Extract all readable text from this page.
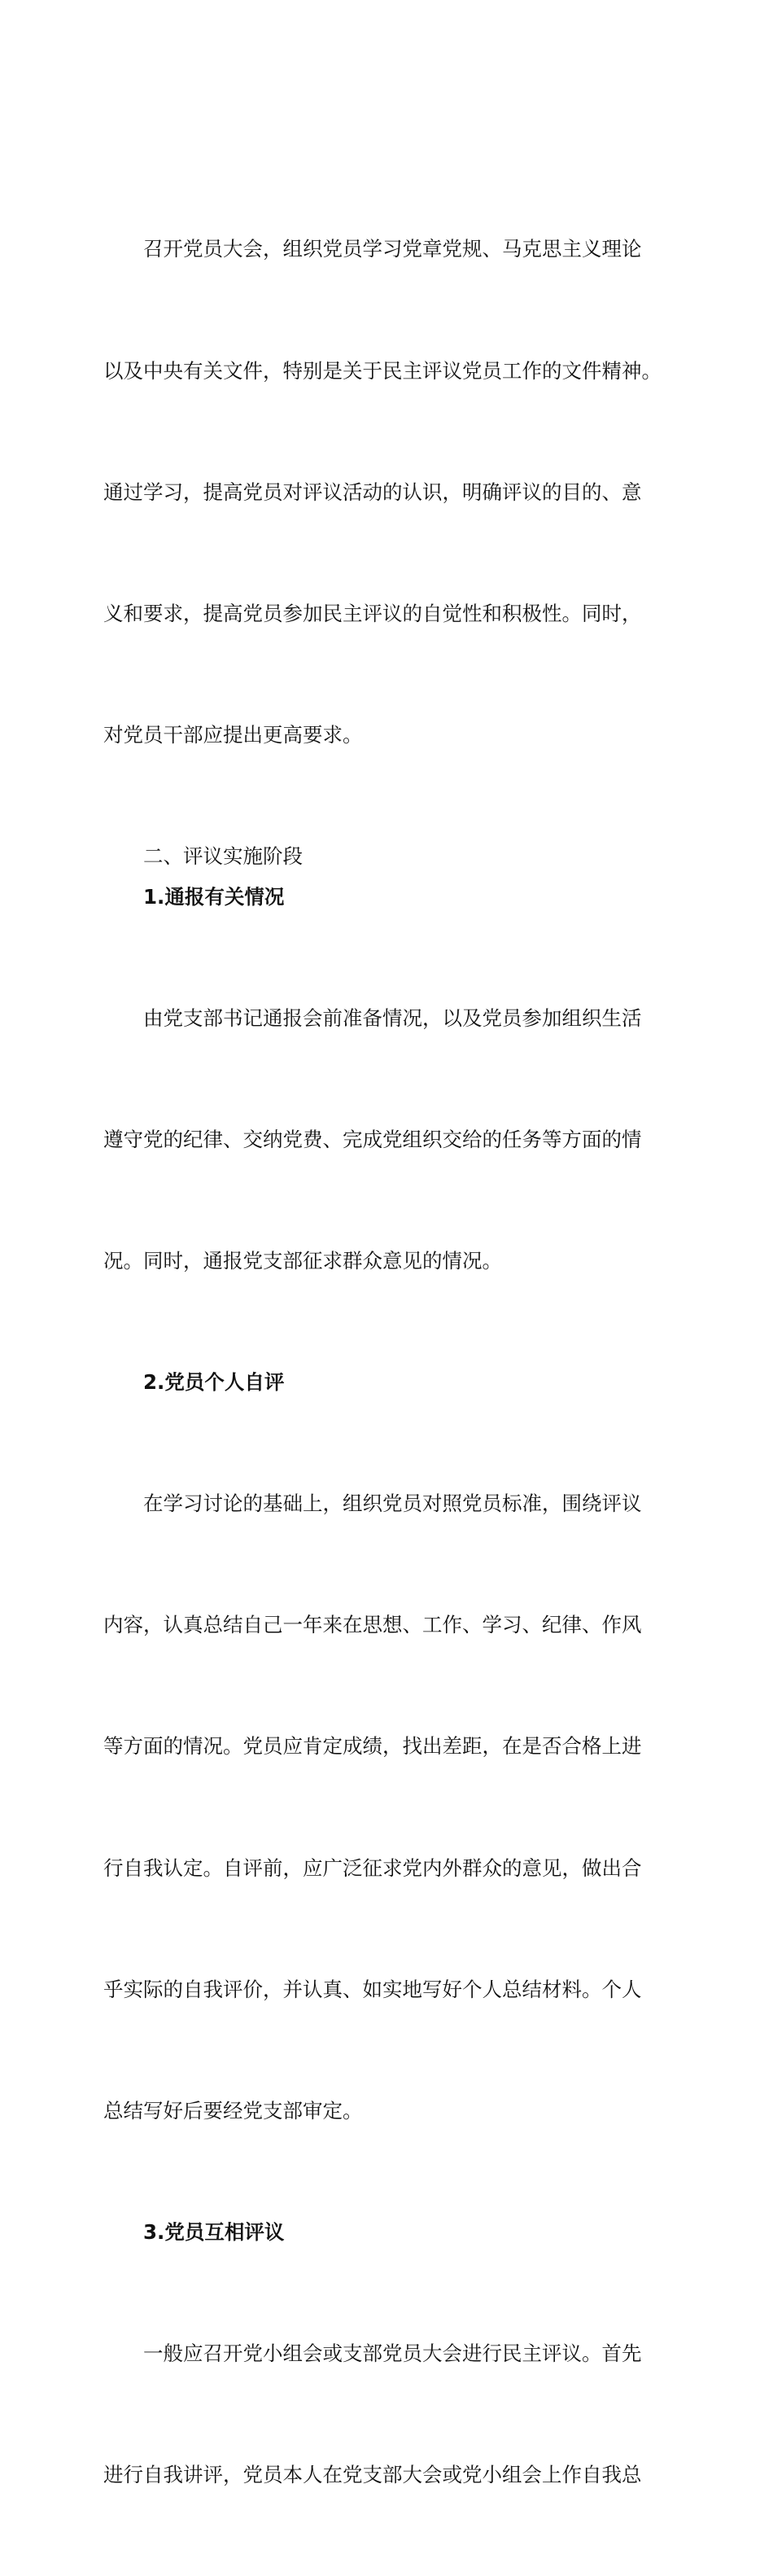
召开党员大会，组织党员学习党章党规、马克思主义理论

以及中央有关文件，特别是关于民主评议党员工作的文件精神。

通过学习，提高党员对评议活动的认识，明确评议的目的、意

义和要求，提高党员参加民主评议的自觉性和积极性。同时，

对党员干部应提出更高要求。

二、评议实施阶段
1.通报有关情况

由党支部书记通报会前准备情况，以及党员参加组织生活

遵守党的纪律、交纳党费、完成党组织交给的任务等方面的情

况。同时，通报党支部征求群众意见的情况。

2.党员个人自评

在学习讨论的基础上，组织党员对照党员标准，围绕评议

内容，认真总结自己一年来在思想、工作、学习、纪律、作风

等方面的情况。党员应肯定成绩，找出差距，在是否合格上进

行自我认定。自评前，应广泛征求党内外群众的意见，做出合

乎实际的自我评价，并认真、如实地写好个人总结材料。个人

总结写好后要经党支部审定。

3.党员互相评议

一般应召开党小组会或支部党员大会进行民主评议。首先

进行自我讲评，党员本人在党支部大会或党小组会上作自我总
